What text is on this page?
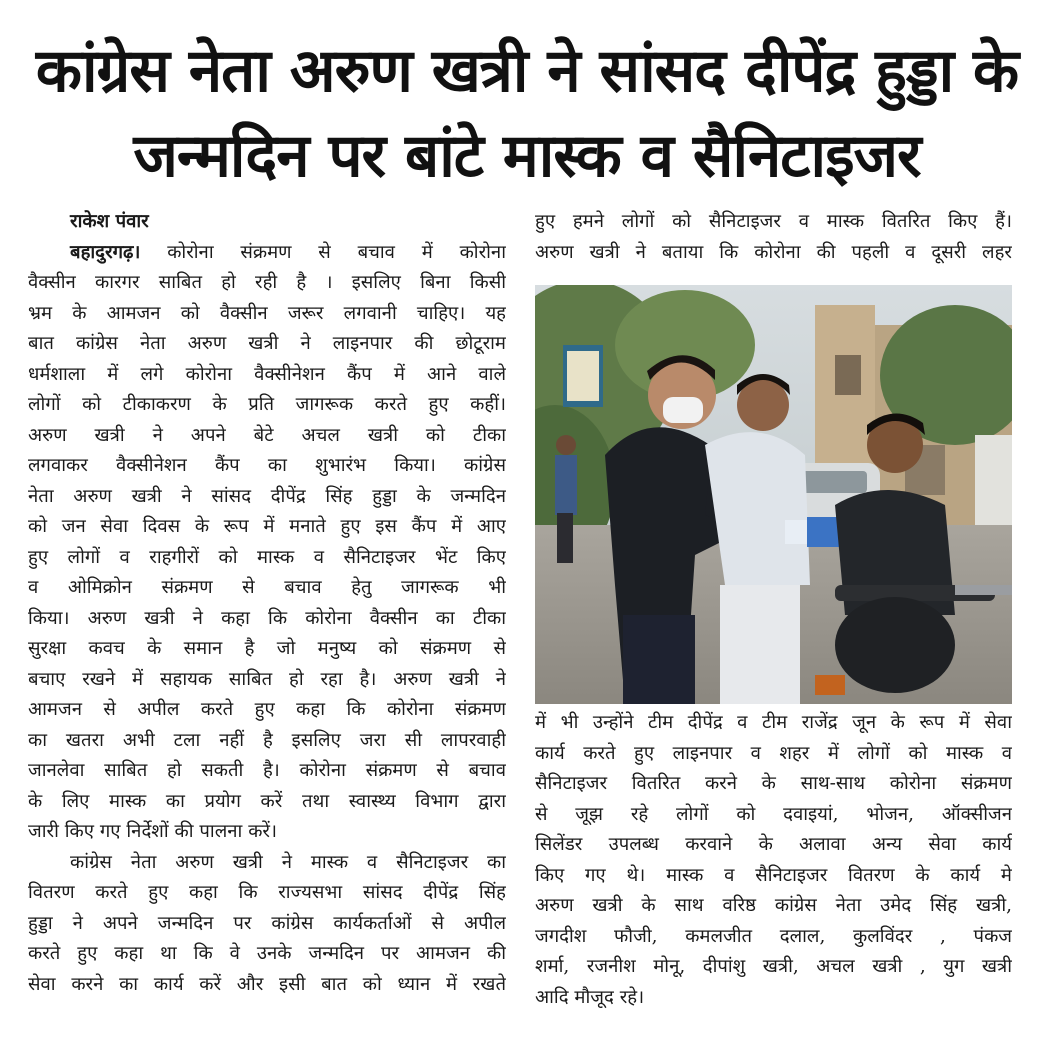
कांग्रेस नेता अरुण खत्री ने सांसद दीपेंद्र हुड्डा के
जन्मदिन पर बांटे मास्क व सैनिटाइजर
राकेश पंवार
बहादुरगढ़। कोरोना संक्रमण से बचाव में कोरोना
वैक्सीन कारगर साबित हो रही है । इसलिए बिना किसी
भ्रम के आमजन को वैक्सीन जरूर लगवानी चाहिए। यह
बात कांग्रेस नेता अरुण खत्री ने लाइनपार की छोटूराम
धर्मशाला में लगे कोरोना वैक्सीनेशन कैंप में आने वाले
लोगों को टीकाकरण के प्रति जागरूक करते हुए कहीं।
अरुण खत्री ने अपने बेटे अचल खत्री को टीका
लगवाकर वैक्सीनेशन कैंप का शुभारंभ किया। कांग्रेस
नेता अरुण खत्री ने सांसद दीपेंद्र सिंह हुड्डा के जन्मदिन
को जन सेवा दिवस के रूप में मनाते हुए इस कैंप में आए
हुए लोगों व राहगीरों को मास्क व सैनिटाइजर भेंट किए
व ओमिक्रोन संक्रमण से बचाव हेतु जागरूक भी
किया। अरुण खत्री ने कहा कि कोरोना वैक्सीन का टीका
सुरक्षा कवच के समान है जो मनुष्य को संक्रमण से
बचाए रखने में सहायक साबित हो रहा है। अरुण खत्री ने
आमजन से अपील करते हुए कहा कि कोरोना संक्रमण
का खतरा अभी टला नहीं है इसलिए जरा सी लापरवाही
जानलेवा साबित हो सकती है। कोरोना संक्रमण से बचाव
के लिए मास्क का प्रयोग करें तथा स्वास्थ्य विभाग द्वारा
जारी किए गए निर्देशों की पालना करें।
कांग्रेस नेता अरुण खत्री ने मास्क व सैनिटाइजर का
वितरण करते हुए कहा कि राज्यसभा सांसद दीपेंद्र सिंह
हुड्डा ने अपने जन्मदिन पर कांग्रेस कार्यकर्ताओं से अपील
करते हुए कहा था कि वे उनके जन्मदिन पर आमजन की
सेवा करने का कार्य करें और इसी बात को ध्यान में रखते
हुए हमने लोगों को सैनिटाइजर व मास्क वितरित किए हैं।
अरुण खत्री ने बताया कि कोरोना की पहली व दूसरी लहर
में भी उन्होंने टीम दीपेंद्र व टीम राजेंद्र जून के रूप में सेवा
कार्य करते हुए लाइनपार व शहर में लोगों को मास्क व
सैनिटाइजर वितरित करने के साथ-साथ कोरोना संक्रमण
से जूझ रहे लोगों को दवाइयां, भोजन, ऑक्सीजन
सिलेंडर उपलब्ध करवाने के अलावा अन्य सेवा कार्य
किए गए थे। मास्क व सैनिटाइजर वितरण के कार्य मे
अरुण खत्री के साथ वरिष्ठ कांग्रेस नेता उमेद सिंह खत्री,
जगदीश फौजी, कमलजीत दलाल, कुलविंदर , पंकज
शर्मा, रजनीश मोनू, दीपांशु खत्री, अचल खत्री , युग खत्री
आदि मौजूद रहे।
